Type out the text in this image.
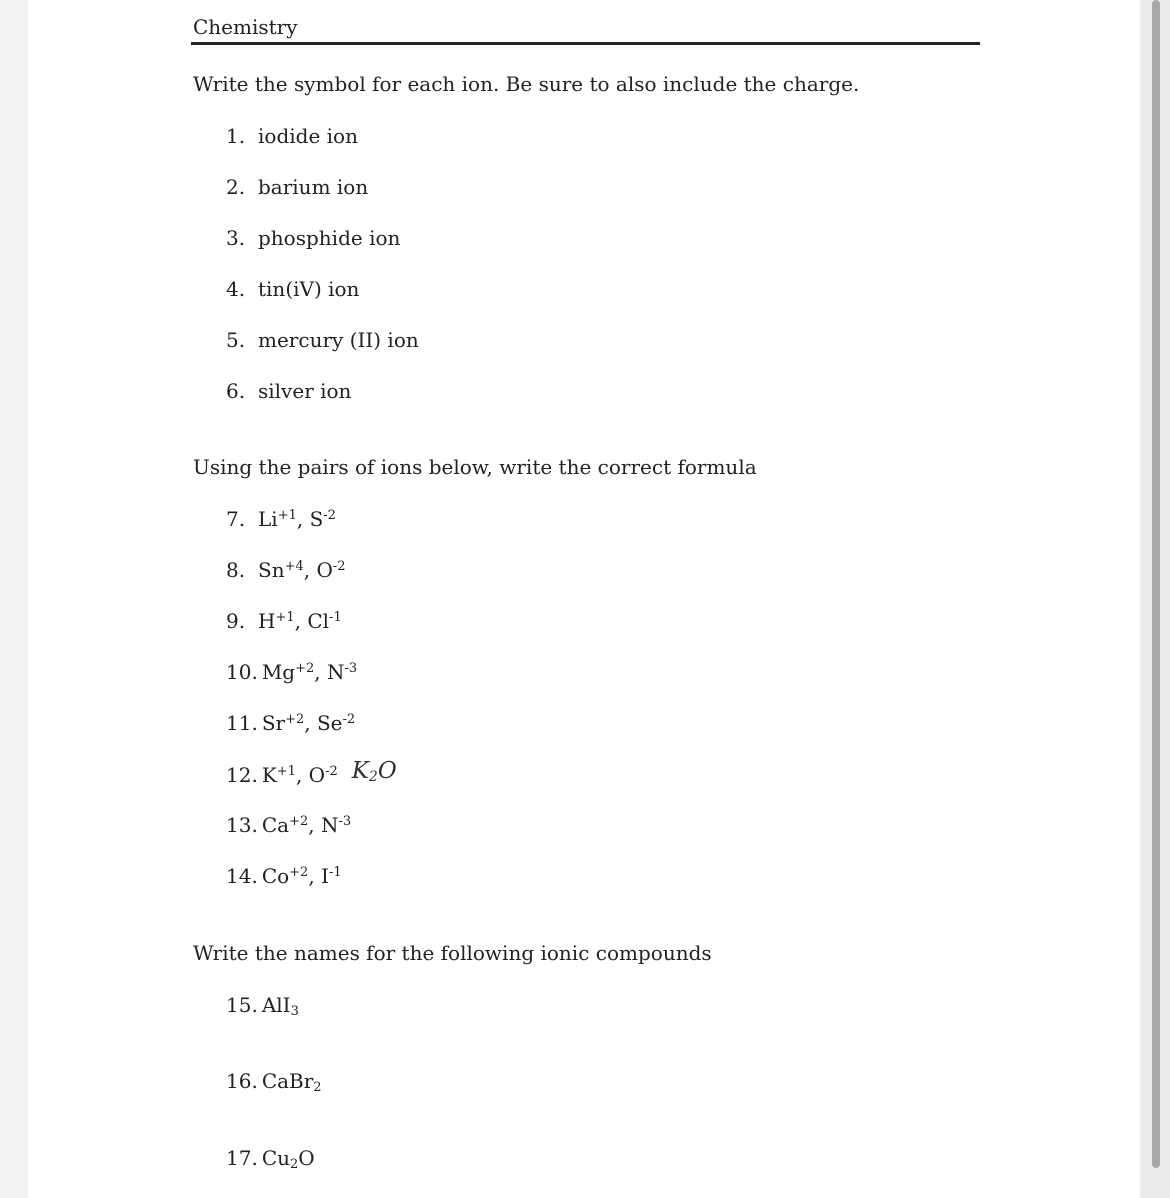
Chemistry
Write the symbol for each ion. Be sure to also include the charge.
1. iodide ion
2. barium ion
3. phosphide ion
4. tin(iV) ion
5. mercury (II) ion
6. silver ion
Using the pairs of ions below, write the correct formula
7. $Li^{+1}$, $S^{-2}$
8. $Sn^{+4}$, $O^{-2}$
9. $H^{+1}$, $Cl^{-1}$
10. $Mg^{+2}$, $N^{-3}$
11. $Sr^{+2}$, $Se^{-2}$
12. $K^{+1}$, $O^{-2}$ $K_2O$
13. $Ca^{+2}$, $N^{-3}$
14. $Co^{+2}$, $I^{-1}$
Write the names for the following ionic compounds
15. AlI$_3$
16. CaBr$_2$
17. $Cu_2O$
